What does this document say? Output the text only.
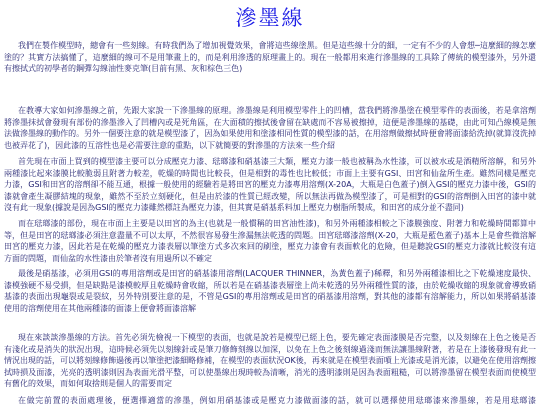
滲墨線

我們在製作模型時，總會有一些刻線。有時我們為了增加視覺效果，會將這些線塗黑。但是這些線十分的細，一定有不少的人會想─這麼細的線怎麼塗的？其實方法搞懂了，這麼細的線可不是用筆畫上的，而是利用滲透的原理畫上的。現在一般都用來進行滲墨線的工具除了傳統的模型漆外，另外還有擦拭式的初學者的鋼彈勾線油性麥克筆(目前有黑、灰和棕色三色)

在教導大家如何滲墨線之前，先跟大家說一下滲墨線的原理。滲墨線是利用模型零件上的凹槽，當我們將滲墨塗在模型零件的表面後，若是拿溶劑將滲墨抹拭會發現有部份的滲墨滲入了凹槽內或是死角區，在大面積的擦拭後會留在缺處而不容易被擦掉，這便是滲墨線的基礎，由此可知凸線模是無法做滲墨線的動作的。另外一個要注意的就是模型漆了，因為如果使用和塗漆相同性質的模型漆的話，在用溶劑做擦拭時便會將面漆給洗掉(就算沒洗掉也被弄花了)，因此漆的互溶性也是必需要注意的重點，以下就簡要的對滲墨的方法來一些介紹

首先現在市面上買到的模型漆主要可以分成壓克力漆、琺瑯漆和硝基漆三大類，壓克力漆一般也被稱為水性漆，可以被水或是酒精所溶解，和另外兩種漆比起來漆膜比較脆弱且附著力較差，乾燥的時間也比較長，但是相對的毒性也比較低；市面上主要有GSI、田宮和仙盆所生產。雖然同樣是壓克力漆，GSI和田宮的溶劑卻不能互通，根據一般使用的經驗若是將田宮的壓克力漆專用溶劑(X-20A，大瓶是白色蓋子)倒入GSI的壓克力漆中後，GSI的漆就會產生凝膠結塊的現象，雖然不至於立刻硬化，但是由於漆的性質已經改變，所以無法再做為模型漆了，可是相對的GSI的溶劑倒入田宮的漆中就沒有此一現象(據說是因為GSI的壓克力漆雖然標註為壓克力漆，但其實是硝基系料加上壓克力樹脂所製成，和田宮的成分並不盡同)

而在琺瑯漆的部份，現在市面上主要是以田宮的為主(也就是一般慣稱的田宮油性漆)，和另外兩種漆相較之下漆膜強度、附著力和乾燥時間都算中等，但是田宮的琺瑯漆必須注意盡量不可以太厚，不然很容易發生滲漏無法乾透的問題。田宮琺瑯漆溶劑(X-20，大瓶是藍色蓋子)基本上是會些微溶解田宮的壓克力漆，因此若是在乾燥的壓克力漆表層以筆塗方式多次來回的刷塗，壓克力漆會有表面軟化的危險，但是聽說GSI的壓克力漆就比較沒有這方面的問題，而仙盆的水性漆由於筆者沒有用過所以不確定

最後是硝基漆，必須用GSI的專用溶劑或是田宮的硝基漆用溶劑(LACQUER THINNER，為黃色蓋子)稀釋，和另外兩種漆相比之下乾燥速度最快、漆模強硬不易受損，但是缺點是漆模較厚且乾燥時會收縮，所以若是在硝基漆表層塗上尚未乾透的另外兩種性質的漆，由於乾燥收縮的現象就會導致硝基漆的表面出現龜裂或是裂紋，另外特別要注意的是，不管是GSI的專用溶劑或是田宮的硝基漆用溶劑，對其他的漆都有溶解能力，所以如果將硝基漆使用的溶劑使用在其他兩種漆的面漆上便會將面漆溶解

現在來談談滲墨線的方法。首先必須先檢視一下模型的表面，也就是說若是模型已經上色，要先確定表面漆膜是否完整，以及刻線在上色之後是否有淺化或是消失的狀況出現，這時候必須先以刻線針或是筆刀修飾刻線以加深，以免在上色之後刻線過淺而無法讓墨線附著，若是在上漆後發現有此一情況出現的話，可以將刻線修飾過後再以筆塗把漆細略修補，在模型的表面狀況OK後，再來就是在模型表面噴上光漆或是消光漆，以避免在使用溶劑擦拭時損及面漆，光亮的透明漆則因為表面光滑平整，可以使墨線出現時較為清晰，消光的透明漆則是因為表面粗糙，可以將滲墨留在模型表面而使模型有舊化的效果，而如何取捨則是個人的需要而定

在做完前置的表面處理後，便選擇適當的滲墨，例如用硝基漆或是壓克力漆做面漆的話，就可以選擇使用琺瑯漆來滲墨線，若是用琺瑯漆
